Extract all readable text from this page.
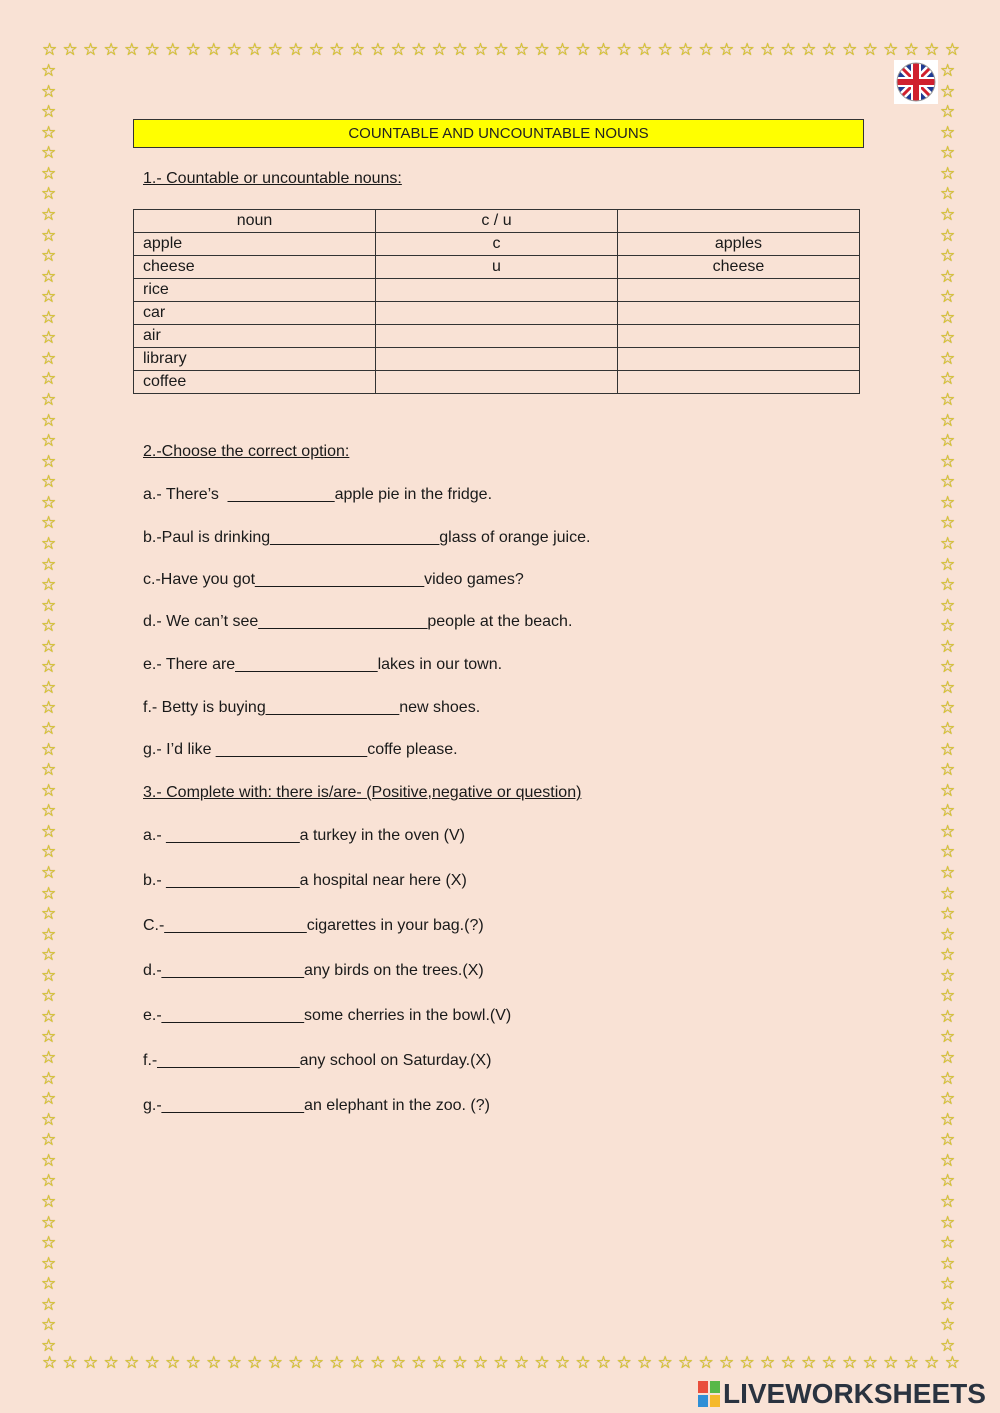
☆ ☆ ☆ ☆ ☆ ☆ ☆ ☆ ☆ ☆ ☆ ☆ ☆ ☆ ☆ ☆ ☆ ☆ ☆ ☆ ☆ ☆ ☆ ☆ ☆ ☆ ☆ ☆ ☆ ☆ ☆ ☆ ☆ ☆ ☆ ☆ ☆ ☆ ☆ ☆ ☆ ☆ ☆ ☆ ☆
☆ ☆ ☆ ☆ ☆ ☆ ☆ ☆ ☆ ☆ ☆ ☆ ☆ ☆ ☆ ☆ ☆ ☆ ☆ ☆ ☆ ☆ ☆ ☆ ☆ ☆ ☆ ☆ ☆ ☆ ☆ ☆ ☆ ☆ ☆ ☆ ☆ ☆ ☆ ☆ ☆ ☆ ☆ ☆ ☆
☆
☆
☆
☆
☆
☆
☆
☆
☆
☆
☆
☆
☆
☆
☆
☆
☆
☆
☆
☆
☆
☆
☆
☆
☆
☆
☆
☆
☆
☆
☆
☆
☆
☆
☆
☆
☆
☆
☆
☆
☆
☆
☆
☆
☆
☆
☆
☆
☆
☆
☆
☆
☆
☆
☆
☆
☆
☆
☆
☆
☆
☆
☆
☆
☆
☆
☆
☆
☆
☆
☆
☆
☆
☆
☆
☆
☆
☆
☆
☆
☆
☆
☆
☆
☆
☆
☆
☆
☆
☆
☆
☆
☆
☆
☆
☆
☆
☆
☆
☆
☆
☆
☆
☆
☆
☆
☆
☆
☆
☆
☆
☆
☆
☆
☆
☆
☆
☆
☆
☆
☆
☆
☆
☆
☆
☆
COUNTABLE AND UNCOUNTABLE NOUNS
1.- Countable or uncountable nouns:
noun	c / u	
apple	c	apples
cheese	u	cheese
rice		
car		
air		
library		
coffee		
2.-Choose the correct option:
a.- There’s  ____________apple pie in the fridge.
b.-Paul is drinking___________________glass of orange juice.
c.-Have you got___________________video games?
d.- We can’t see___________________people at the beach.
e.- There are________________lakes in our town.
f.- Betty is buying_______________new shoes.
g.- I’d like _________________coffe please.
3.- Complete with: there is/are- (Positive,negative or question)
a.- _______________a turkey in the oven (V)
b.- _______________a hospital near here (X)
C.-________________cigarettes in your bag.(?)
d.-________________any birds on the trees.(X)
e.-________________some cherries in the bowl.(V)
f.-________________any school on Saturday.(X)
g.-________________an elephant in the zoo. (?)
LIVEWORKSHEETS
